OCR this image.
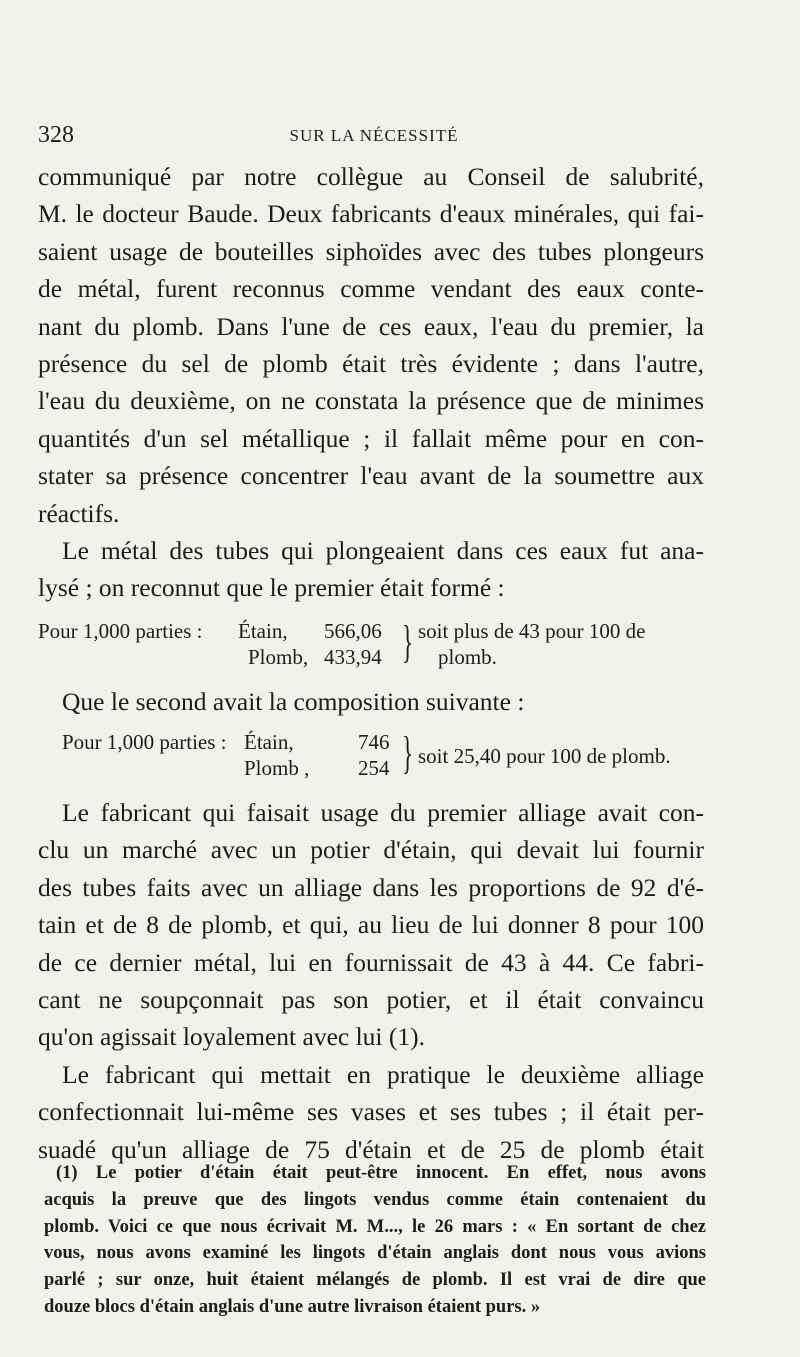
328	SUR LA NÉCESSITÉ
communiqué par notre collègue au Conseil de salubrité,
M. le docteur Baude. Deux fabricants d'eaux minérales, qui fai-
saient usage de bouteilles siphoïdes avec des tubes plongeurs
de métal, furent reconnus comme vendant des eaux conte-
nant du plomb. Dans l'une de ces eaux, l'eau du premier, la
présence du sel de plomb était très évidente ; dans l'autre,
l'eau du deuxième, on ne constata la présence que de minimes
quantités d'un sel métallique ; il fallait même pour en con-
stater sa présence concentrer l'eau avant de la soumettre aux
réactifs.
Le métal des tubes qui plongeaient dans ces eaux fut ana-
lysé ; on reconnut que le premier était formé :
Pour 1,000 parties : Étain, 566,06
Plomb, 433,94 } soit plus de 43 pour 100 de
plomb.
Que le second avait la composition suivante :
Pour 1,000 parties : Étain,	746
Plomb , 254 } soit 25,40 pour 100 de plomb.
Le fabricant qui faisait usage du premier alliage avait con-
clu un marché avec un potier d'étain, qui devait lui fournir
des tubes faits avec un alliage dans les proportions de 92 d'é-
tain et de 8 de plomb, et qui, au lieu de lui donner 8 pour 100
de ce dernier métal, lui en fournissait de 43 à 44. Ce fabri-
cant ne soupçonnait pas son potier, et il était convaincu
qu'on agissait loyalement avec lui (1).
Le fabricant qui mettait en pratique le deuxième alliage
confectionnait lui-même ses vases et ses tubes ; il était per-
suadé qu'un alliage de 75 d'étain et de 25 de plomb était
(1) Le potier d'étain était peut-être innocent. En effet, nous avons
acquis la preuve que des lingots vendus comme étain contenaient du
plomb. Voici ce que nous écrivait M. M..., le 26 mars : « En sortant de chez
vous, nous avons examiné les lingots d'étain anglais dont nous vous avions
parlé ; sur onze, huit étaient mélangés de plomb. Il est vrai de dire que
douze blocs d'étain anglais d'une autre livraison étaient purs. »
